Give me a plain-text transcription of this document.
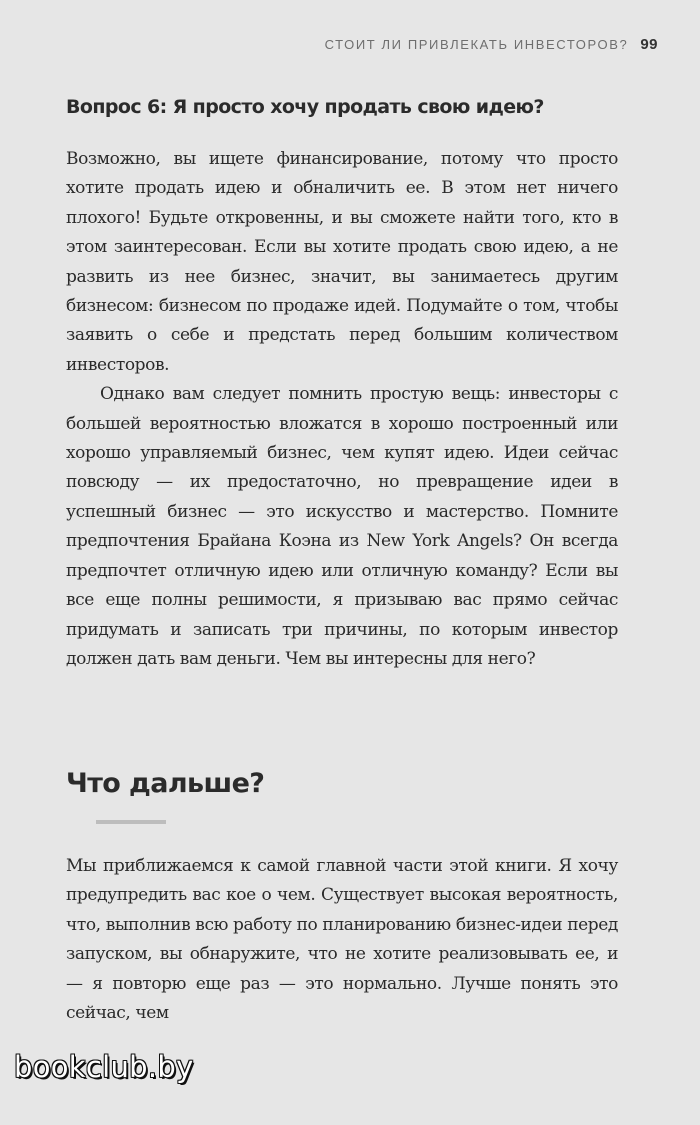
СТОИТ ЛИ ПРИВЛЕКАТЬ ИНВЕСТОРОВ? 99
Вопрос 6: Я просто хочу продать свою идею?

Возможно, вы ищете финансирование, потому что просто хотите продать идею и обналичить ее. В этом нет ничего плохого! Будьте откровенны, и вы сможете найти того, кто в этом заинтересован. Если вы хотите продать свою идею, а не развить из нее бизнес, значит, вы занимаетесь другим бизнесом: бизнесом по продаже идей. Подумайте о том, чтобы заявить о себе и предстать перед большим количеством инвесторов.

Однако вам следует помнить простую вещь: инвесторы с большей вероятностью вложатся в хорошо построенный или хорошо управляемый бизнес, чем купят идею. Идеи сейчас повсюду — их предостаточно, но превращение идеи в успешный бизнес — это искусство и мастерство. Помните предпочтения Брайана Коэна из New York Angels? Он всегда предпочтет отличную идею или отличную команду? Если вы все еще полны решимости, я призываю вас прямо сейчас придумать и записать три причины, по которым инвестор должен дать вам деньги. Чем вы интересны для него?

Что дальше?

Мы приближаемся к самой главной части этой книги. Я хочу предупредить вас кое о чем. Существует высокая вероятность, что, выполнив всю работу по планированию бизнес-идеи перед запуском, вы обнаружите, что не хотите реализовывать ее, и — я повторю еще раз — это нормально. Лучше понять это сейчас, чем

bookclub.by
